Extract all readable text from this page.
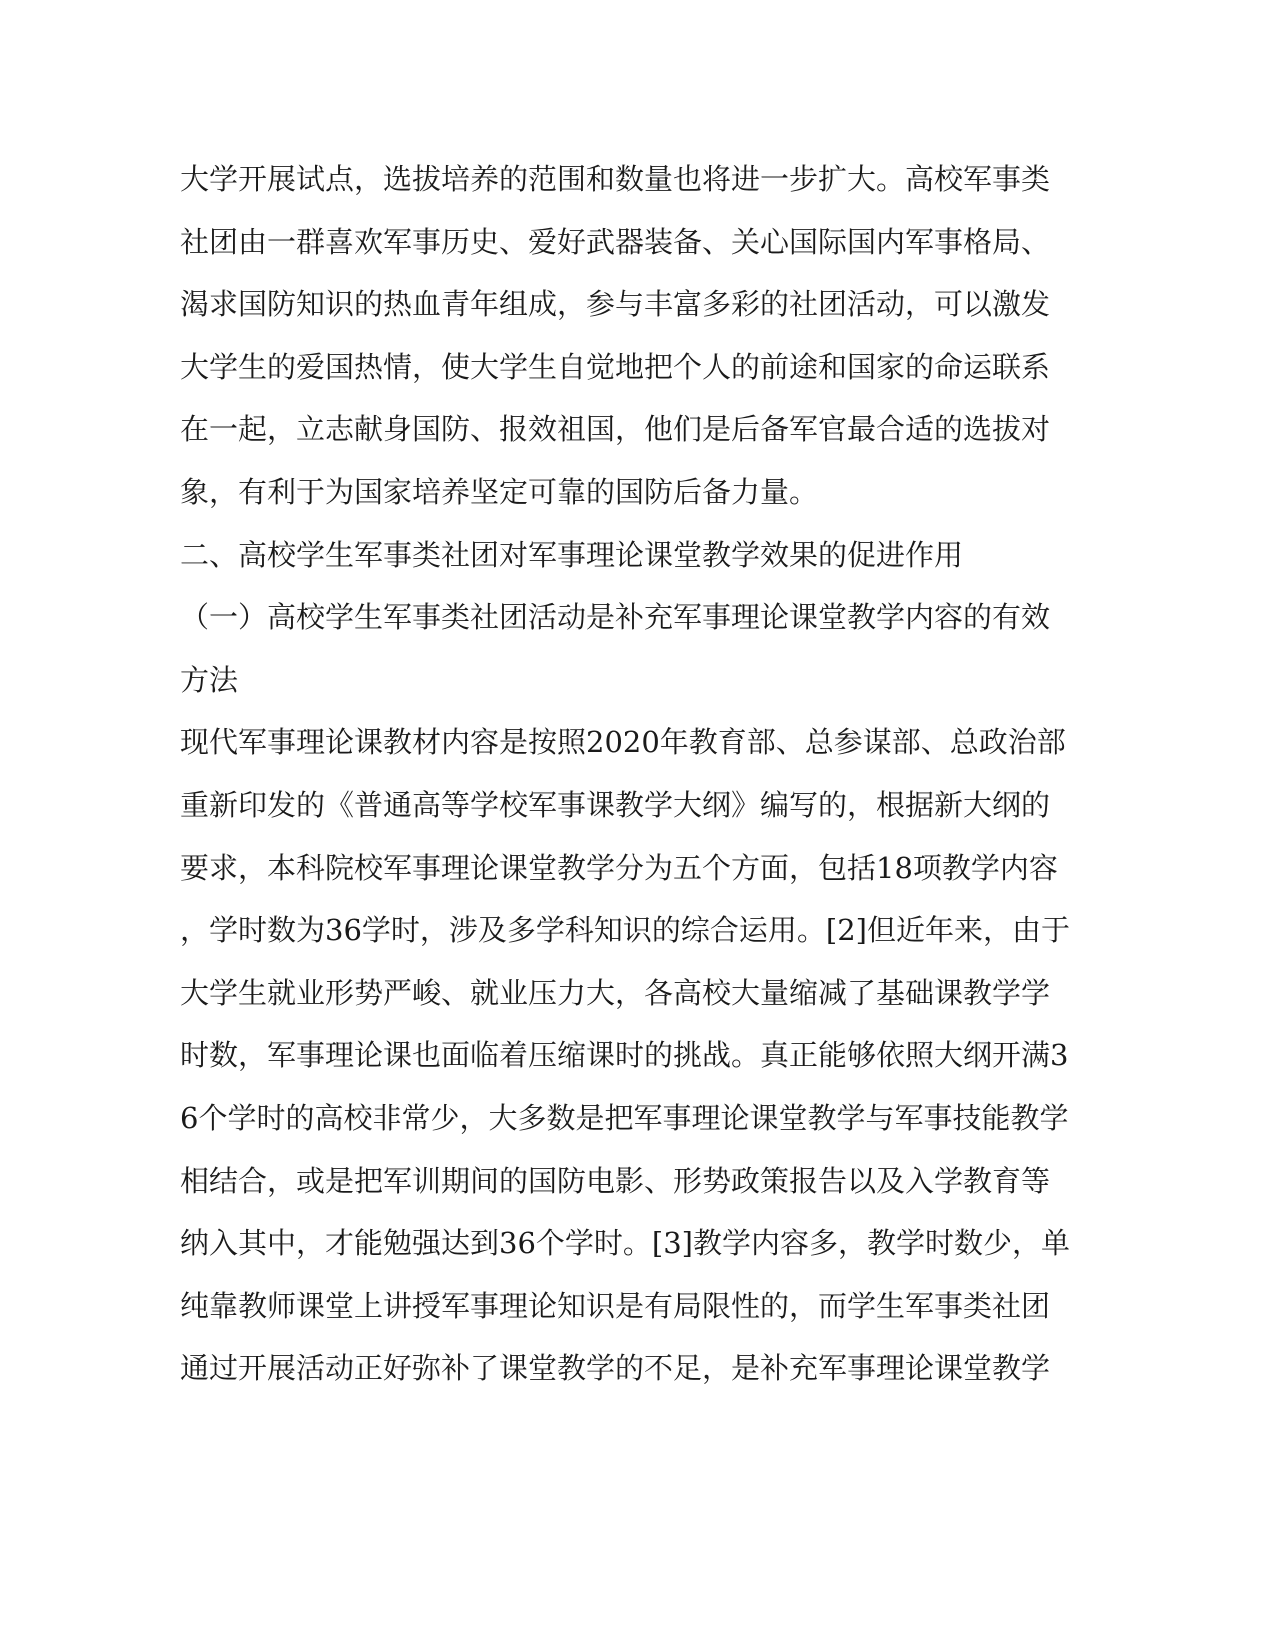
大学开展试点，选拔培养的范围和数量也将进一步扩大。高校军事类
社团由一群喜欢军事历史、爱好武器装备、关心国际国内军事格局、
渴求国防知识的热血青年组成，参与丰富多彩的社团活动，可以激发
大学生的爱国热情，使大学生自觉地把个人的前途和国家的命运联系
在一起，立志献身国防、报效祖国，他们是后备军官最合适的选拔对
象，有利于为国家培养坚定可靠的国防后备力量。
二、高校学生军事类社团对军事理论课堂教学效果的促进作用
（一）高校学生军事类社团活动是补充军事理论课堂教学内容的有效
方法
现代军事理论课教材内容是按照2020年教育部、总参谋部、总政治部
重新印发的《普通高等学校军事课教学大纲》编写的，根据新大纲的
要求，本科院校军事理论课堂教学分为五个方面，包括18项教学内容
，学时数为36学时，涉及多学科知识的综合运用。[2]但近年来，由于
大学生就业形势严峻、就业压力大，各高校大量缩减了基础课教学学
时数，军事理论课也面临着压缩课时的挑战。真正能够依照大纲开满3
6个学时的高校非常少，大多数是把军事理论课堂教学与军事技能教学
相结合，或是把军训期间的国防电影、形势政策报告以及入学教育等
纳入其中，才能勉强达到36个学时。[3]教学内容多，教学时数少，单
纯靠教师课堂上讲授军事理论知识是有局限性的，而学生军事类社团
通过开展活动正好弥补了课堂教学的不足，是补充军事理论课堂教学
